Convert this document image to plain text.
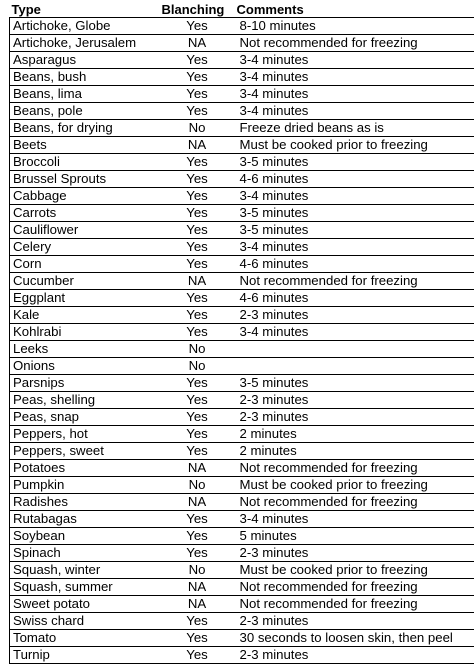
Type	Blanching	Comments
Artichoke, Globe	Yes	8-10 minutes
Artichoke, Jerusalem	NA	Not recommended for freezing
Asparagus	Yes	3-4 minutes
Beans, bush	Yes	3-4 minutes
Beans, lima	Yes	3-4 minutes
Beans, pole	Yes	3-4 minutes
Beans, for drying	No	Freeze dried beans as is
Beets	NA	Must be cooked prior to freezing
Broccoli	Yes	3-5 minutes
Brussel Sprouts	Yes	4-6 minutes
Cabbage	Yes	3-4 minutes
Carrots	Yes	3-5 minutes
Cauliflower	Yes	3-5 minutes
Celery	Yes	3-4 minutes
Corn	Yes	4-6 minutes
Cucumber	NA	Not recommended for freezing
Eggplant	Yes	4-6 minutes
Kale	Yes	2-3 minutes
Kohlrabi	Yes	3-4 minutes
Leeks	No	
Onions	No	
Parsnips	Yes	3-5 minutes
Peas, shelling	Yes	2-3 minutes
Peas, snap	Yes	2-3 minutes
Peppers, hot	Yes	2 minutes
Peppers, sweet	Yes	2 minutes
Potatoes	NA	Not recommended for freezing
Pumpkin	No	Must be cooked prior to freezing
Radishes	NA	Not recommended for freezing
Rutabagas	Yes	3-4 minutes
Soybean	Yes	5 minutes
Spinach	Yes	2-3 minutes
Squash, winter	No	Must be cooked prior to freezing
Squash, summer	NA	Not recommended for freezing
Sweet potato	NA	Not recommended for freezing
Swiss chard	Yes	2-3 minutes
Tomato	Yes	30 seconds to loosen skin, then peel
Turnip	Yes	2-3 minutes
